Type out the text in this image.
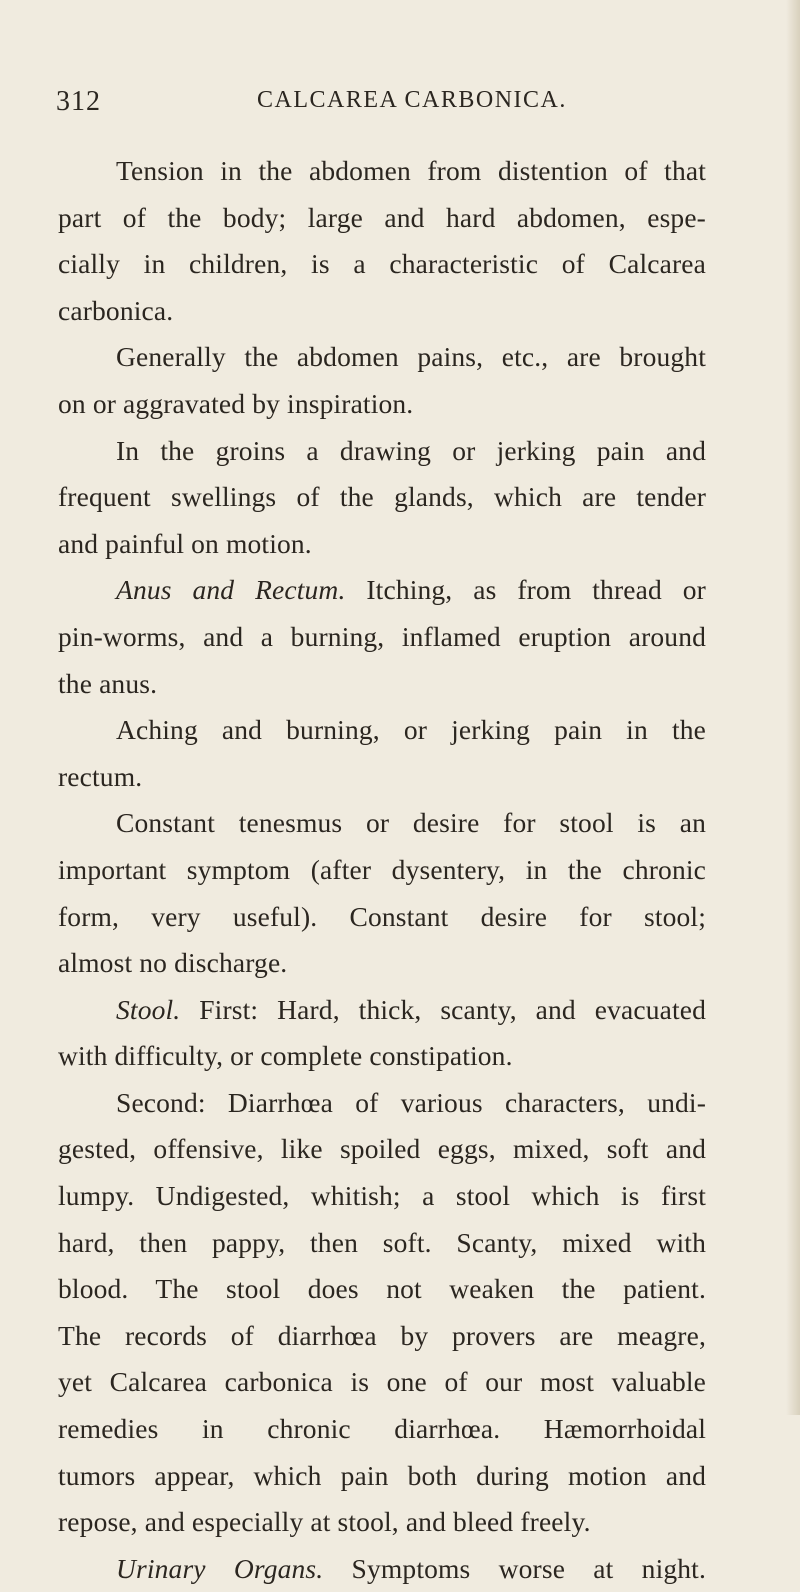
312	CALCAREA CARBONICA.
Tension in the abdomen from distention of that
part of the body; large and hard abdomen, espe-
cially in children, is a characteristic of Calcarea
carbonica.
Generally the abdomen pains, etc., are brought
on or aggravated by inspiration.
In the groins a drawing or jerking pain and
frequent swellings of the glands, which are tender
and painful on motion.
Anus and Rectum. Itching, as from thread or
pin-worms, and a burning, inflamed eruption around
the anus.
Aching and burning, or jerking pain in the
rectum.
Constant tenesmus or desire for stool is an
important symptom (after dysentery, in the chronic
form, very useful). Constant desire for stool;
almost no discharge.
Stool. First: Hard, thick, scanty, and evacuated
with difficulty, or complete constipation.
Second: Diarrhœa of various characters, undi-
gested, offensive, like spoiled eggs, mixed, soft and
lumpy. Undigested, whitish; a stool which is first
hard, then pappy, then soft. Scanty, mixed with
blood. The stool does not weaken the patient.
The records of diarrhœa by provers are meagre,
yet Calcarea carbonica is one of our most valuable
remedies in chronic diarrhœa. Hæmorrhoidal
tumors appear, which pain both during motion and
repose, and especially at stool, and bleed freely.
Urinary Organs. Symptoms worse at night.
